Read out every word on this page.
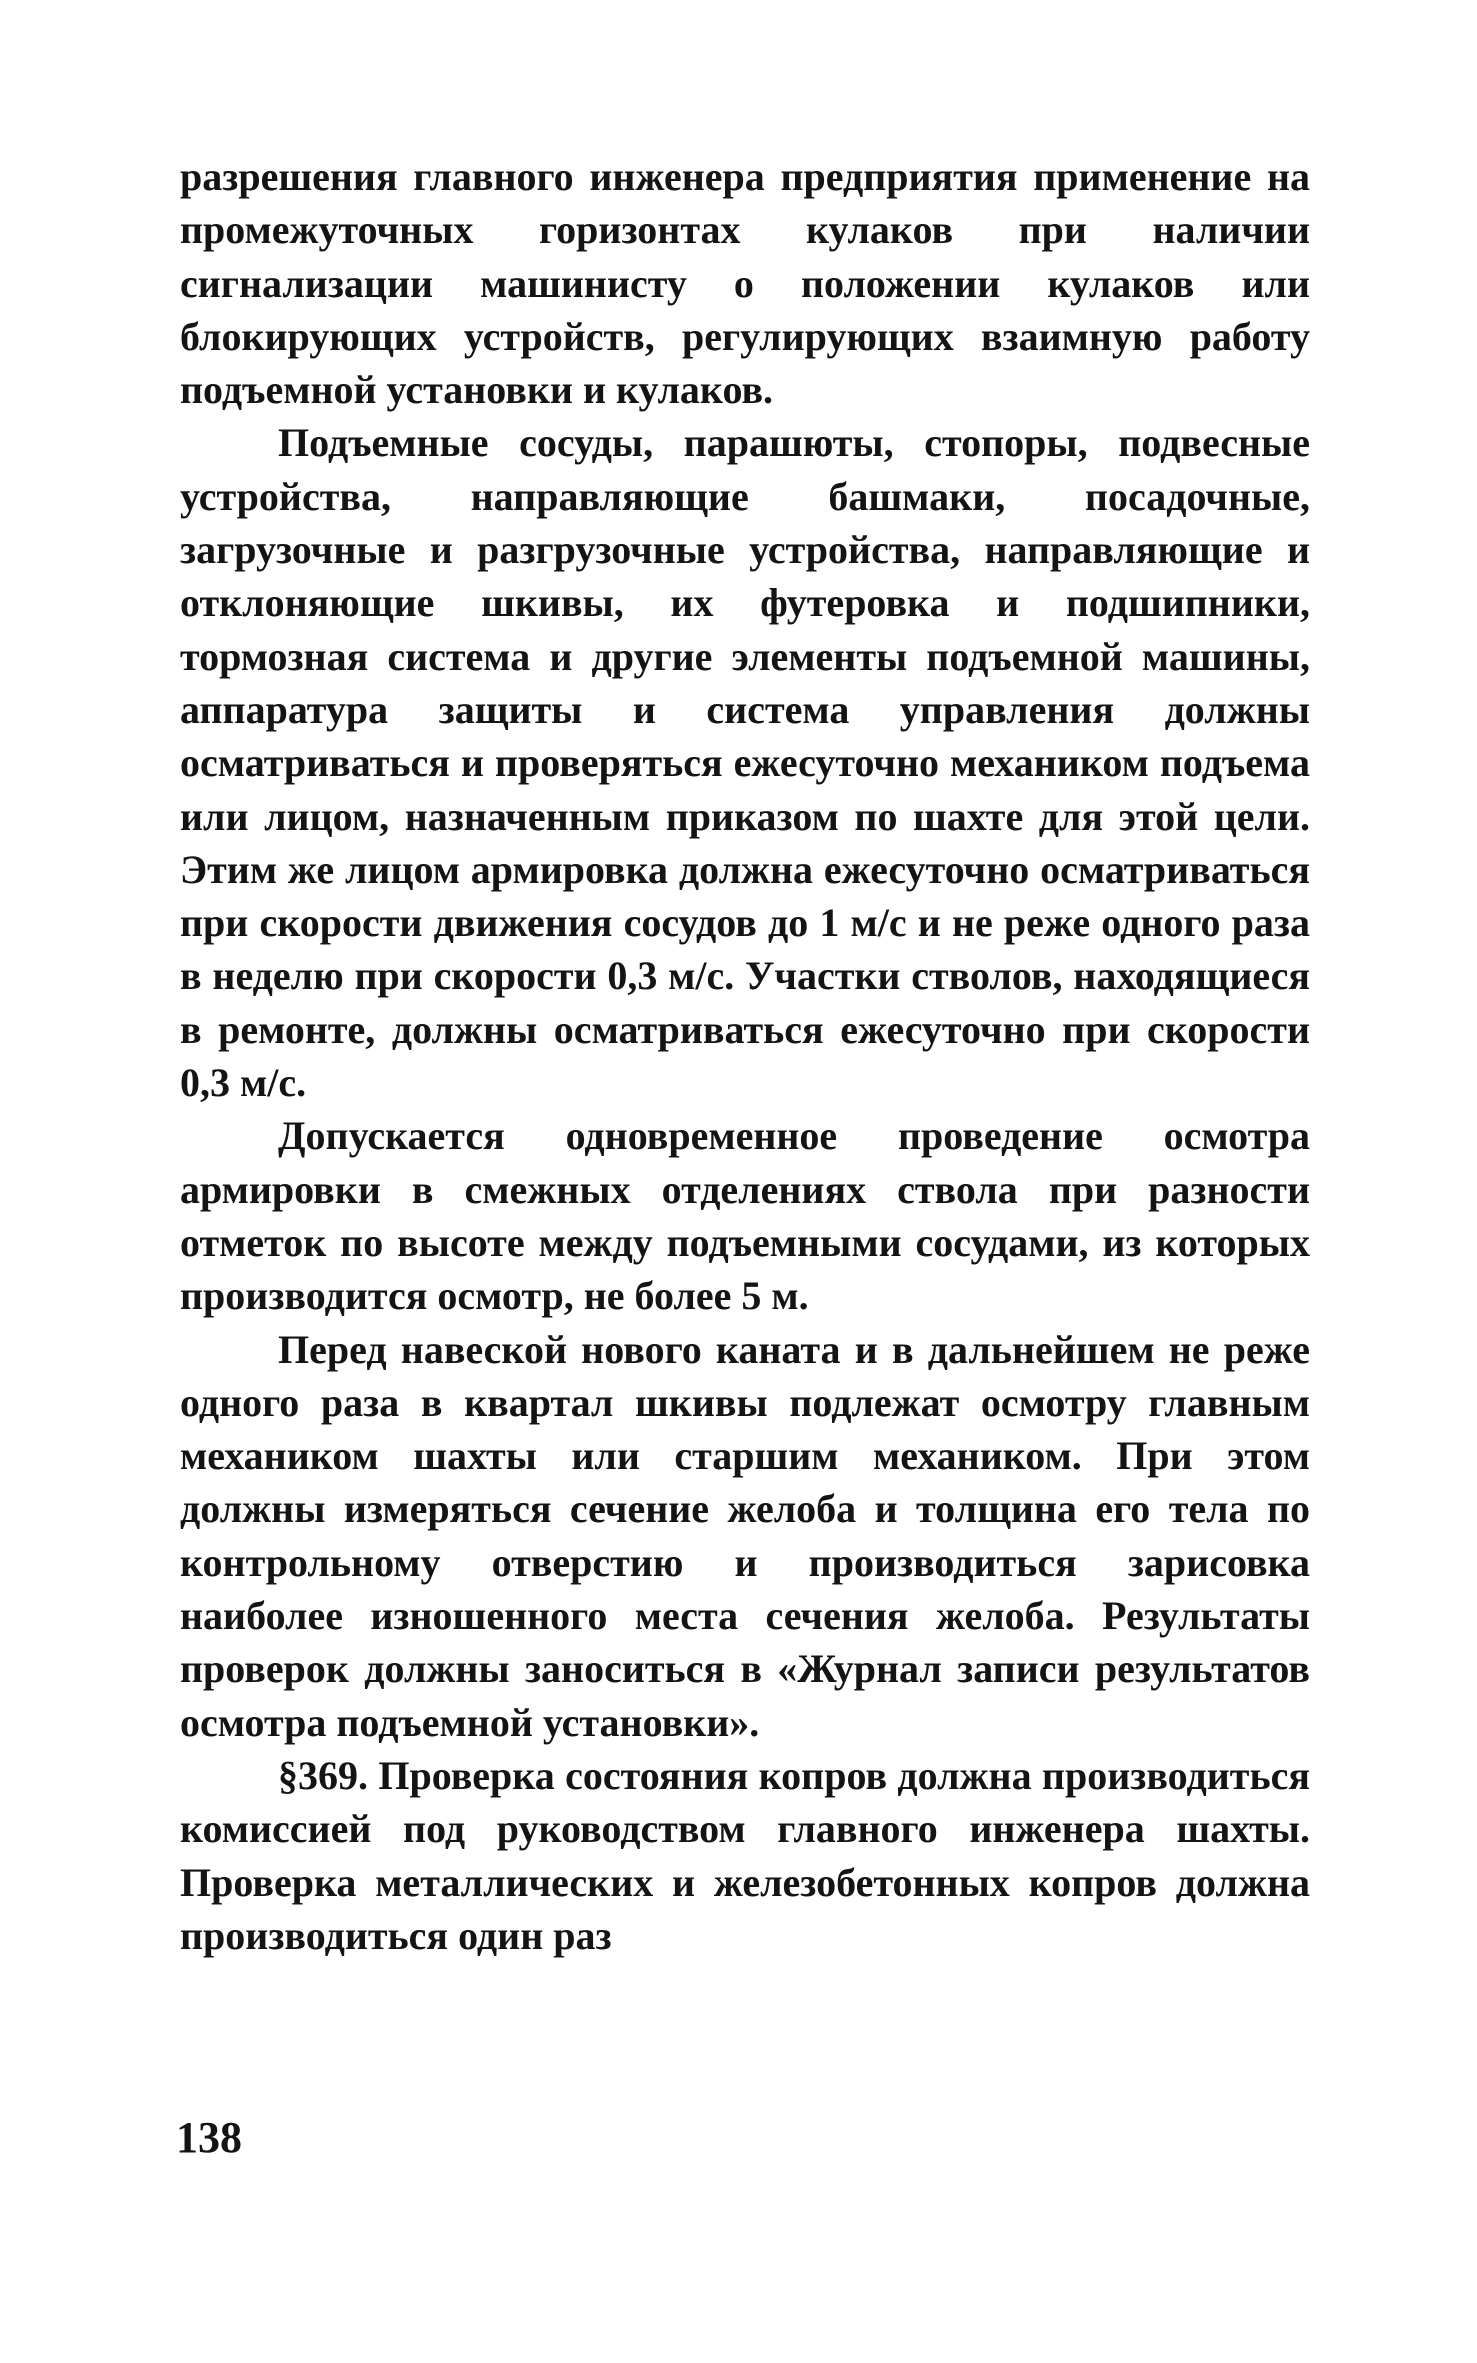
разрешения главного инженера предприятия применение на промежуточных горизонтах кулаков при наличии сигнализации машинисту о положении кулаков или блокирующих устройств, регулирующих взаимную работу подъемной установки и кулаков.

Подъемные сосуды, парашюты, стопоры, подвесные устройства, направляющие башмаки, посадочные, загрузочные и разгрузочные устройства, направляющие и отклоняющие шкивы, их футеровка и подшипники, тормозная система и другие элементы подъемной машины, аппаратура защиты и система управления должны осматриваться и проверяться ежесуточно механиком подъема или лицом, назначенным приказом по шахте для этой цели. Этим же лицом армировка должна ежесуточно осматриваться при скорости движения сосудов до 1 м/с и не реже одного раза в неделю при скорости 0,3 м/с. Участки стволов, находящиеся в ремонте, должны осматриваться ежесуточно при скорости 0,3 м/с.

Допускается одновременное проведение осмотра армировки в смежных отделениях ствола при разности отметок по высоте между подъемными сосудами, из которых производится осмотр, не более 5 м.

Перед навеской нового каната и в дальнейшем не реже одного раза в квартал шкивы подлежат осмотру главным механиком шахты или старшим механиком. При этом должны измеряться сечение желоба и толщина его тела по контрольному отверстию и производиться зарисовка наиболее изношенного места сечения желоба. Результаты проверок должны заноситься в «Журнал записи результатов осмотра подъемной установки».

§369. Проверка состояния копров должна производиться комиссией под руководством главного инженера шахты. Проверка металлических и железобетонных копров должна производиться один раз

138
